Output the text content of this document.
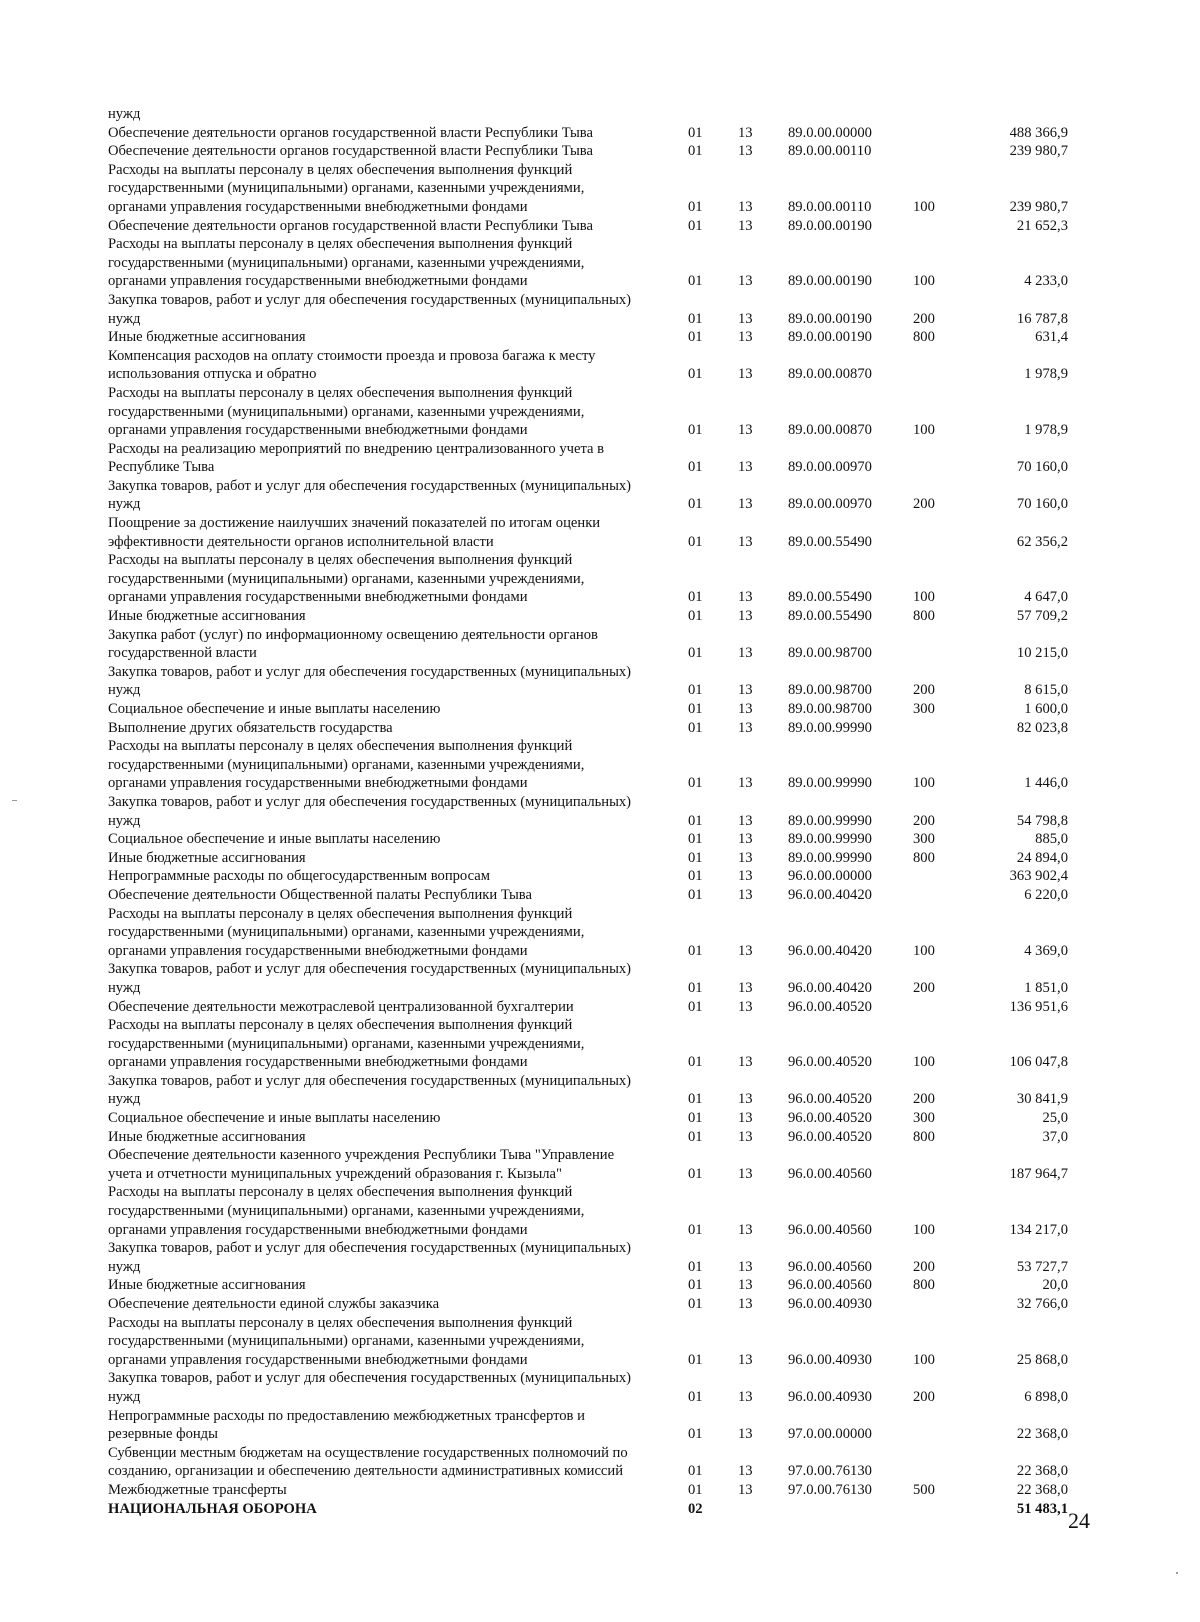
нужд					
Обеспечение деятельности органов государственной власти Республики Тыва	01	13	89.0.00.00000		488 366,9
Обеспечение деятельности органов государственной власти Республики Тыва	01	13	89.0.00.00110		239 980,7
Расходы на выплаты персоналу в целях обеспечения выполнения функций
государственными (муниципальными) органами, казенными учреждениями,
органами управления государственными внебюджетными фондами	01	13	89.0.00.00110	100	239 980,7
Обеспечение деятельности органов государственной власти Республики Тыва	01	13	89.0.00.00190		21 652,3
Расходы на выплаты персоналу в целях обеспечения выполнения функций
государственными (муниципальными) органами, казенными учреждениями,
органами управления государственными внебюджетными фондами	01	13	89.0.00.00190	100	4 233,0
Закупка товаров, работ и услуг для обеспечения государственных (муниципальных)
нужд	01	13	89.0.00.00190	200	16 787,8
Иные бюджетные ассигнования	01	13	89.0.00.00190	800	631,4
Компенсация расходов на оплату стоимости проезда и провоза багажа к месту
использования отпуска и обратно	01	13	89.0.00.00870		1 978,9
Расходы на выплаты персоналу в целях обеспечения выполнения функций
государственными (муниципальными) органами, казенными учреждениями,
органами управления государственными внебюджетными фондами	01	13	89.0.00.00870	100	1 978,9
Расходы на реализацию мероприятий по внедрению централизованного учета в
Республике Тыва	01	13	89.0.00.00970		70 160,0
Закупка товаров, работ и услуг для обеспечения государственных (муниципальных)
нужд	01	13	89.0.00.00970	200	70 160,0
Поощрение за достижение наилучших значений показателей по итогам оценки
эффективности деятельности органов исполнительной власти	01	13	89.0.00.55490		62 356,2
Расходы на выплаты персоналу в целях обеспечения выполнения функций
государственными (муниципальными) органами, казенными учреждениями,
органами управления государственными внебюджетными фондами	01	13	89.0.00.55490	100	4 647,0
Иные бюджетные ассигнования	01	13	89.0.00.55490	800	57 709,2
Закупка работ (услуг) по информационному освещению деятельности органов
государственной власти	01	13	89.0.00.98700		10 215,0
Закупка товаров, работ и услуг для обеспечения государственных (муниципальных)
нужд	01	13	89.0.00.98700	200	8 615,0
Социальное обеспечение и иные выплаты населению	01	13	89.0.00.98700	300	1 600,0
Выполнение других обязательств государства	01	13	89.0.00.99990		82 023,8
Расходы на выплаты персоналу в целях обеспечения выполнения функций
государственными (муниципальными) органами, казенными учреждениями,
органами управления государственными внебюджетными фондами	01	13	89.0.00.99990	100	1 446,0
Закупка товаров, работ и услуг для обеспечения государственных (муниципальных)
нужд	01	13	89.0.00.99990	200	54 798,8
Социальное обеспечение и иные выплаты населению	01	13	89.0.00.99990	300	885,0
Иные бюджетные ассигнования	01	13	89.0.00.99990	800	24 894,0
Непрограммные расходы по общегосударственным вопросам	01	13	96.0.00.00000		363 902,4
Обеспечение деятельности Общественной палаты Республики Тыва	01	13	96.0.00.40420		6 220,0
Расходы на выплаты персоналу в целях обеспечения выполнения функций
государственными (муниципальными) органами, казенными учреждениями,
органами управления государственными внебюджетными фондами	01	13	96.0.00.40420	100	4 369,0
Закупка товаров, работ и услуг для обеспечения государственных (муниципальных)
нужд	01	13	96.0.00.40420	200	1 851,0
Обеспечение деятельности межотраслевой централизованной бухгалтерии	01	13	96.0.00.40520		136 951,6
Расходы на выплаты персоналу в целях обеспечения выполнения функций
государственными (муниципальными) органами, казенными учреждениями,
органами управления государственными внебюджетными фондами	01	13	96.0.00.40520	100	106 047,8
Закупка товаров, работ и услуг для обеспечения государственных (муниципальных)
нужд	01	13	96.0.00.40520	200	30 841,9
Социальное обеспечение и иные выплаты населению	01	13	96.0.00.40520	300	25,0
Иные бюджетные ассигнования	01	13	96.0.00.40520	800	37,0
Обеспечение деятельности казенного учреждения Республики Тыва "Управление
учета и отчетности муниципальных учреждений образования г. Кызыла"	01	13	96.0.00.40560		187 964,7
Расходы на выплаты персоналу в целях обеспечения выполнения функций
государственными (муниципальными) органами, казенными учреждениями,
органами управления государственными внебюджетными фондами	01	13	96.0.00.40560	100	134 217,0
Закупка товаров, работ и услуг для обеспечения государственных (муниципальных)
нужд	01	13	96.0.00.40560	200	53 727,7
Иные бюджетные ассигнования	01	13	96.0.00.40560	800	20,0
Обеспечение деятельности единой службы заказчика	01	13	96.0.00.40930		32 766,0
Расходы на выплаты персоналу в целях обеспечения выполнения функций
государственными (муниципальными) органами, казенными учреждениями,
органами управления государственными внебюджетными фондами	01	13	96.0.00.40930	100	25 868,0
Закупка товаров, работ и услуг для обеспечения государственных (муниципальных)
нужд	01	13	96.0.00.40930	200	6 898,0
Непрограммные расходы по предоставлению межбюджетных трансфертов и
резервные фонды	01	13	97.0.00.00000		22 368,0
Субвенции местным бюджетам на осуществление государственных полномочий по
созданию, организации и обеспечению деятельности административных комиссий	01	13	97.0.00.76130		22 368,0
Межбюджетные трансферты	01	13	97.0.00.76130	500	22 368,0
НАЦИОНАЛЬНАЯ ОБОРОНА	02				51 483,1 24
